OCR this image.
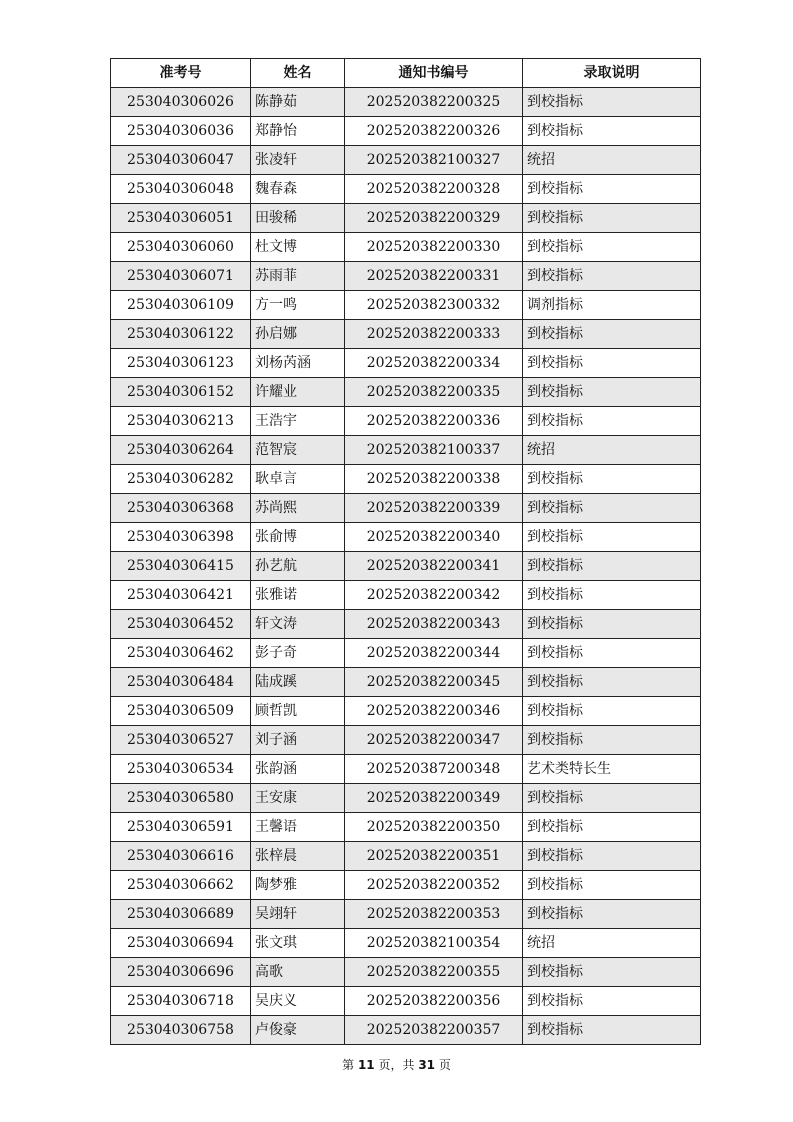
准考号	姓名	通知书编号	录取说明
253040306026	陈静茹	202520382200325	到校指标
253040306036	郑静怡	202520382200326	到校指标
253040306047	张凌轩	202520382100327	统招
253040306048	魏春森	202520382200328	到校指标
253040306051	田骏稀	202520382200329	到校指标
253040306060	杜文博	202520382200330	到校指标
253040306071	苏雨菲	202520382200331	到校指标
253040306109	方一鸣	202520382300332	调剂指标
253040306122	孙启娜	202520382200333	到校指标
253040306123	刘杨芮涵	202520382200334	到校指标
253040306152	许耀业	202520382200335	到校指标
253040306213	王浩宇	202520382200336	到校指标
253040306264	范智宸	202520382100337	统招
253040306282	耿卓言	202520382200338	到校指标
253040306368	苏尚熙	202520382200339	到校指标
253040306398	张俞博	202520382200340	到校指标
253040306415	孙艺航	202520382200341	到校指标
253040306421	张雅诺	202520382200342	到校指标
253040306452	轩文涛	202520382200343	到校指标
253040306462	彭子奇	202520382200344	到校指标
253040306484	陆成蹊	202520382200345	到校指标
253040306509	顾哲凯	202520382200346	到校指标
253040306527	刘子涵	202520382200347	到校指标
253040306534	张韵涵	202520387200348	艺术类特长生
253040306580	王安康	202520382200349	到校指标
253040306591	王馨语	202520382200350	到校指标
253040306616	张梓晨	202520382200351	到校指标
253040306662	陶梦雅	202520382200352	到校指标
253040306689	吴翊轩	202520382200353	到校指标
253040306694	张文琪	202520382100354	统招
253040306696	高歌	202520382200355	到校指标
253040306718	吴庆义	202520382200356	到校指标
253040306758	卢俊豪	202520382200357	到校指标
第 11 页，共 31 页
